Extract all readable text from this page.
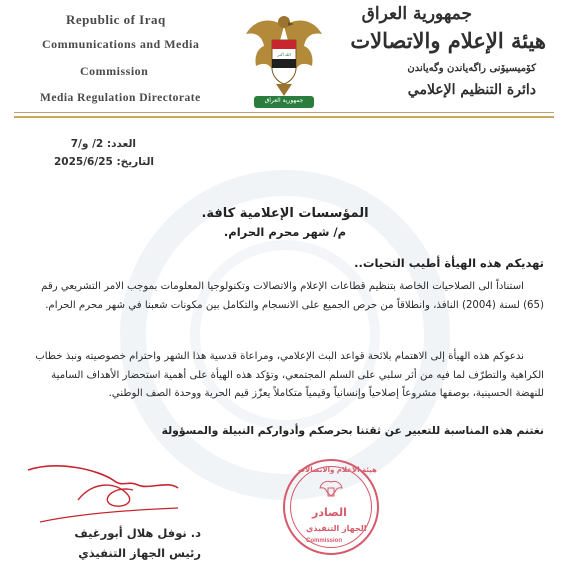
Republic of Iraq
Communications and Media
Commission
Media Regulation Directorate
الله أكبر
جمهورية العراق
جمهورية العراق
هيئة الإعلام والاتصالات
كۆمیسیۆنی راگەیاندن وگەیاندن
دائرة التنظيم الإعلامي
العدد: 2/ و/7
التاريخ: 2025/6/25
المؤسسات الإعلامية كافة.
م/ شهر محرم الحرام.
تهديكم هذه الهيأة أطيب التحيات..
استناداً الى الصلاحيات الخاصة بتنظيم قطاعات الإعلام والاتصالات وتكنولوجيا المعلومات بموجب الامر التشريعي رقم (65) لسنة (2004) النافذ، وانطلاقاً من حرص الجميع على الانسجام والتكامل بين مكونات شعبنا في شهر محرم الحرام.
ندعوكم هذه الهيأة إلى الاهتمام بلائحة قواعد البث الإعلامي، ومراعاة قدسية هذا الشهر واحترام خصوصيته ونبذ خطاب الكراهية والتطرّف لما فيه من أثر سلبي على السلم المجتمعي، وتؤكد هذه الهيأة على أهمية استحضار الأهداف السامية للنهضة الحسينية، بوصفها مشروعاً إصلاحياً وإنسانياً وقيمياً متكاملاً يعزّز قيم الحرية ووحدة الصف الوطني.
نغتنم هذه المناسبة للتعبير عن ثقتنا بحرصكم وأدواركم النبيلة والمسؤولة
د. نوفل هلال أبورغيف
رئيس الجهاز التنفيذي
هيئة الإعلام والاتصالات
الصادر
الجهاز التنفيذي
Commission
